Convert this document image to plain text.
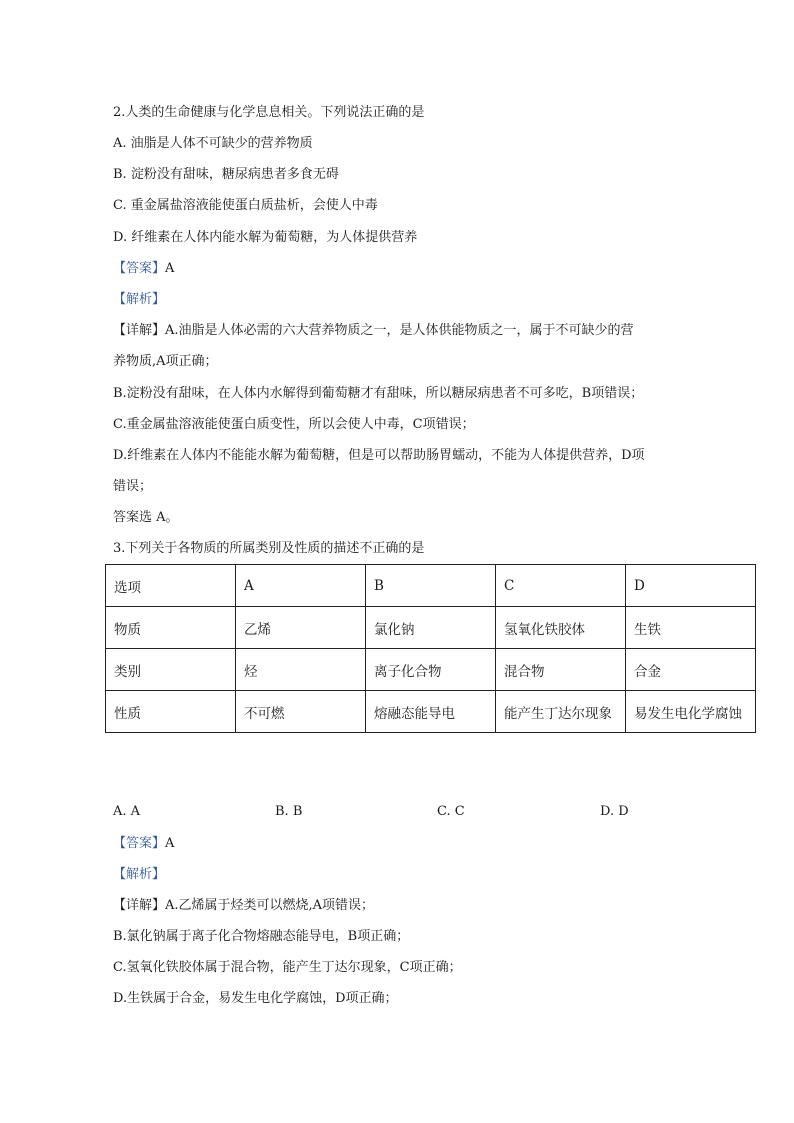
2.人类的生命健康与化学息息相关。下列说法正确的是
A. 油脂是人体不可缺少的营养物质
B. 淀粉没有甜味，糖尿病患者多食无碍
C. 重金属盐溶液能使蛋白质盐析，会使人中毒
D. 纤维素在人体内能水解为葡萄糖，为人体提供营养
【答案】A
【解析】
【详解】A.油脂是人体必需的六大营养物质之一，是人体供能物质之一，属于不可缺少的营
养物质,A项正确；
B.淀粉没有甜味，在人体内水解得到葡萄糖才有甜味，所以糖尿病患者不可多吃，B项错误；
C.重金属盐溶液能使蛋白质变性，所以会使人中毒，C项错误；
D.纤维素在人体内不能能水解为葡萄糖，但是可以帮助肠胃蠕动，不能为人体提供营养，D项
错误；
答案选 A。
3.下列关于各物质的所属类别及性质的描述不正确的是
选项	A	B	C	D
物质	乙烯	氯化钠	氢氧化铁胶体	生铁
类别	烃	离子化合物	混合物	合金
性质	不可燃	熔融态能导电	能产生丁达尔现象	易发生电化学腐蚀
A. A	B. B	C. C	D. D
【答案】A
【解析】
【详解】A.乙烯属于烃类可以燃烧,A项错误；
B.氯化钠属于离子化合物熔融态能导电，B项正确；
C.氢氧化铁胶体属于混合物，能产生丁达尔现象，C项正确；
D.生铁属于合金，易发生电化学腐蚀，D项正确；
